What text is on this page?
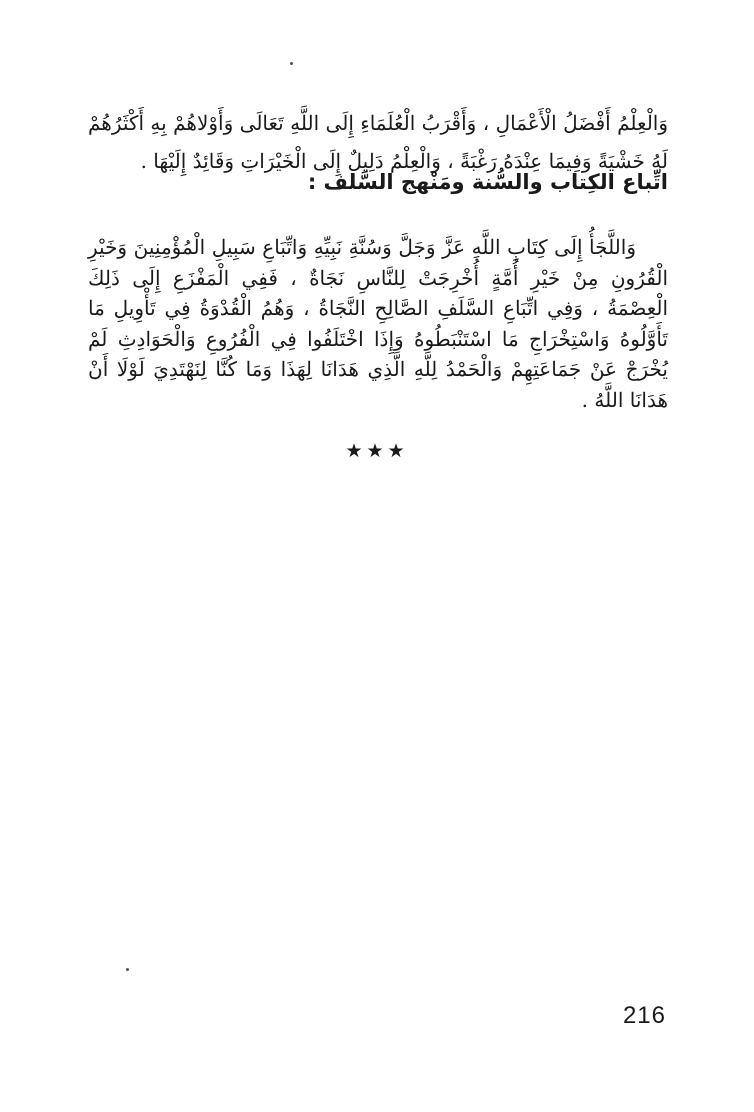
وَالْعِلْمُ أَفْضَلُ الْأَعْمَالِ ، وَأَقْرَبُ الْعُلَمَاءِ إِلَى اللَّهِ تَعَالَى وَأَوْلاهُمْ بِهِ أَكْثَرُهُمْ لَهُ خَشْيَةً وَفِيمَا عِنْدَهُ رَغْبَةً ، وَالْعِلْمُ دَلِيلٌ إِلَى الْخَيْرَاتِ وَقَائِدٌ إِلَيْهَا .

اتِّباع الكِتاب والسُّنة ومَنْهج السَّلف :

وَاللَّجَأُ إِلَى كِتَابِ اللَّهِ عَزَّ وَجَلَّ وَسُنَّةِ نَبِيِّهِ وَاتِّبَاعِ سَبِيلِ الْمُؤْمِنِينَ وَخَيْرِ الْقُرُونِ مِنْ خَيْرِ أُمَّةٍ أُخْرِجَتْ لِلنَّاسِ نَجَاةٌ ، فَفِي الْمَفْزَعِ إِلَى ذَلِكَ الْعِصْمَةُ ، وَفِي اتِّبَاعِ السَّلَفِ الصَّالِحِ النَّجَاةُ ، وَهُمُ الْقُدْوَةُ فِي تَأْوِيلِ مَا تَأَوَّلُوهُ وَاسْتِخْرَاجِ مَا اسْتَنْبَطُوهُ وَإِذَا اخْتَلَفُوا فِي الْفُرُوعِ وَالْحَوَادِثِ لَمْ يُخْرَجْ عَنْ جَمَاعَتِهِمْ وَالْحَمْدُ لِلَّهِ الَّذِي هَدَانَا لِهَذَا وَمَا كُنَّا لِنَهْتَدِيَ لَوْلَا أَنْ هَدَانَا اللَّهُ .

★★★
216
